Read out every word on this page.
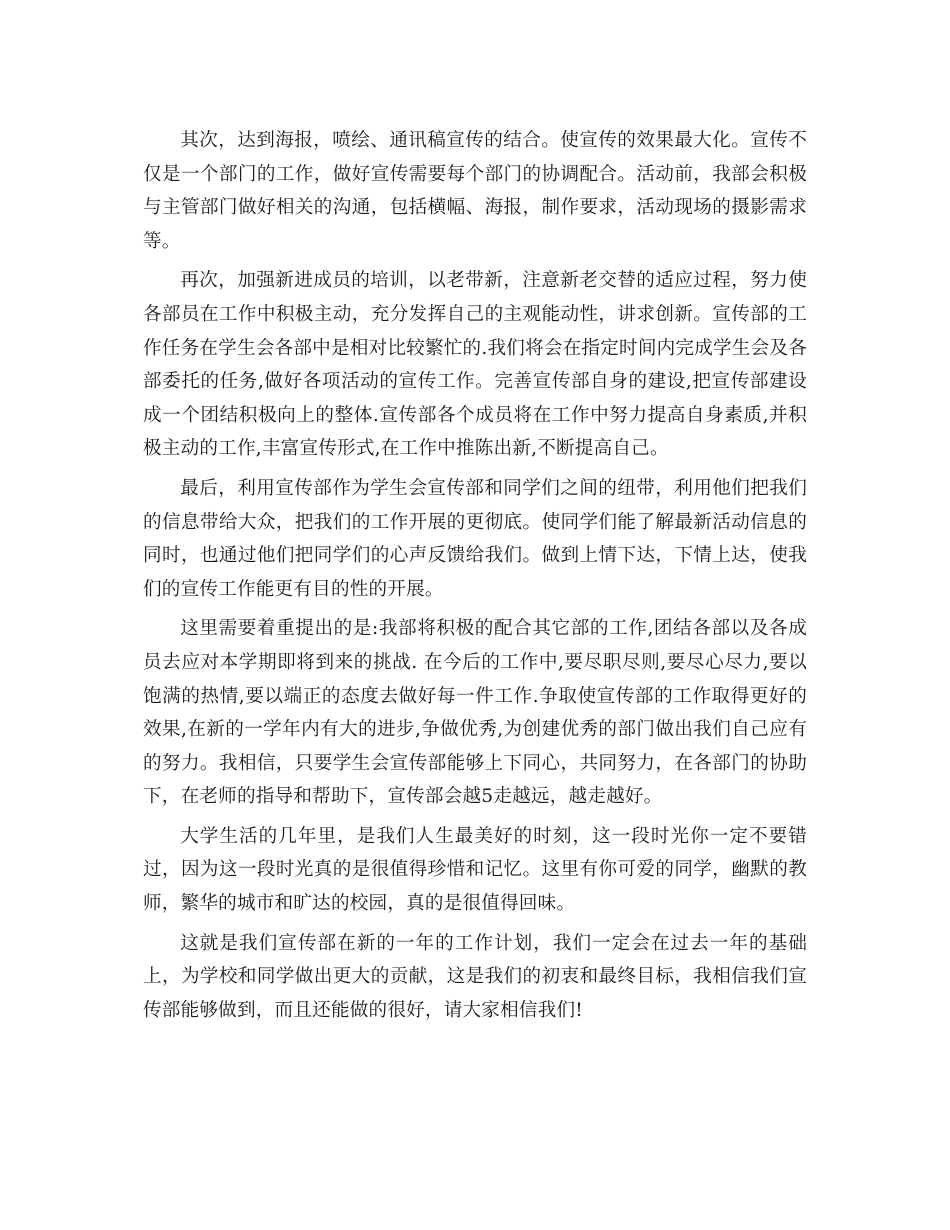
其次，达到海报，喷绘、通讯稿宣传的结合。使宣传的效果最大化。宣传不仅是一个部门的工作，做好宣传需要每个部门的协调配合。活动前，我部会积极与主管部门做好相关的沟通，包括横幅、海报，制作要求，活动现场的摄影需求等。

再次，加强新进成员的培训，以老带新，注意新老交替的适应过程，努力使各部员在工作中积极主动，充分发挥自己的主观能动性，讲求创新。宣传部的工作任务在学生会各部中是相对比较繁忙的.我们将会在指定时间内完成学生会及各部委托的任务,做好各项活动的宣传工作。完善宣传部自身的建设,把宣传部建设成一个团结积极向上的整体.宣传部各个成员将在工作中努力提高自身素质,并积极主动的工作,丰富宣传形式,在工作中推陈出新,不断提高自己。

最后，利用宣传部作为学生会宣传部和同学们之间的纽带，利用他们把我们的信息带给大众，把我们的工作开展的更彻底。使同学们能了解最新活动信息的同时，也通过他们把同学们的心声反馈给我们。做到上情下达，下情上达，使我们的宣传工作能更有目的性的开展。

这里需要着重提出的是:我部将积极的配合其它部的工作,团结各部以及各成员去应对本学期即将到来的挑战. 在今后的工作中,要尽职尽则,要尽心尽力,要以饱满的热情,要以端正的态度去做好每一件工作.争取使宣传部的工作取得更好的效果,在新的一学年内有大的进步,争做优秀,为创建优秀的部门做出我们自己应有的努力。我相信，只要学生会宣传部能够上下同心，共同努力，在各部门的协助下，在老师的指导和帮助下，宣传部会越5走越远，越走越好。

大学生活的几年里，是我们人生最美好的时刻，这一段时光你一定不要错过，因为这一段时光真的是很值得珍惜和记忆。这里有你可爱的同学，幽默的教师，繁华的城市和旷达的校园，真的是很值得回味。

这就是我们宣传部在新的一年的工作计划，我们一定会在过去一年的基础上，为学校和同学做出更大的贡献，这是我们的初衷和最终目标，我相信我们宣传部能够做到，而且还能做的很好，请大家相信我们!
